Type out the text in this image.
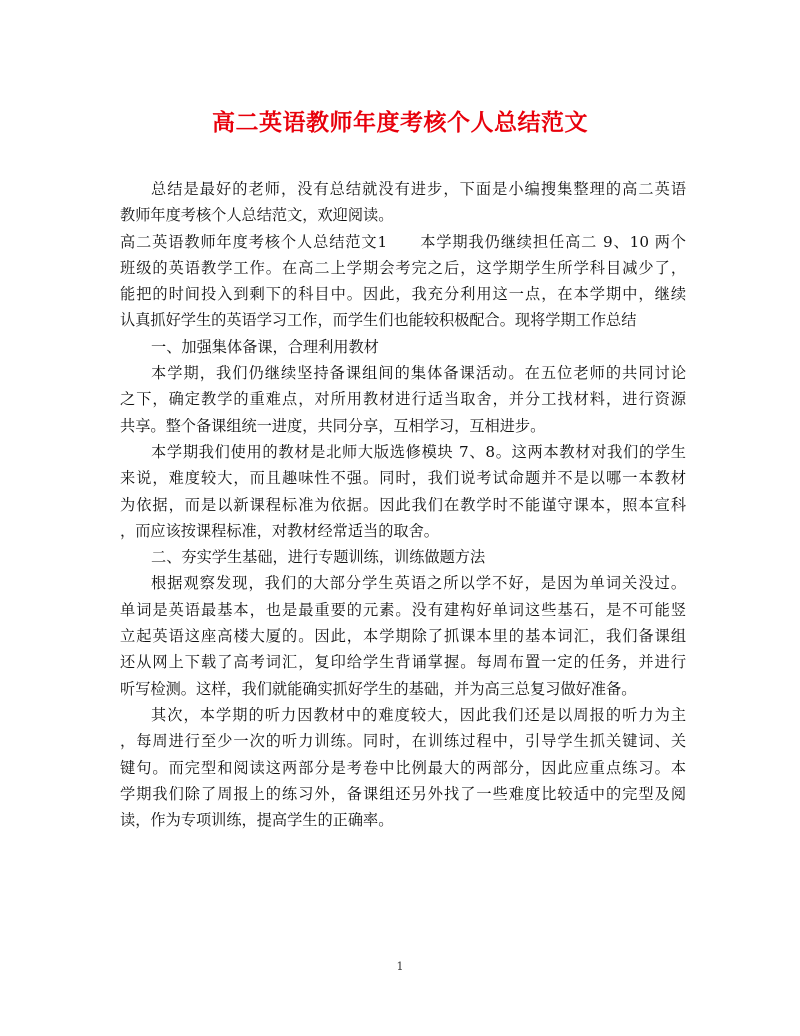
高二英语教师年度考核个人总结范文
总结是最好的老师，没有总结就没有进步，下面是小编搜集整理的高二英语
教师年度考核个人总结范文，欢迎阅读。
高二英语教师年度考核个人总结范文1　　本学期我仍继续担任高二 9、10 两个
班级的英语教学工作。在高二上学期会考完之后，这学期学生所学科目减少了，
能把的时间投入到剩下的科目中。因此，我充分利用这一点，在本学期中，继续
认真抓好学生的英语学习工作，而学生们也能较积极配合。现将学期工作总结
一、加强集体备课，合理利用教材
本学期，我们仍继续坚持备课组间的集体备课活动。在五位老师的共同讨论
之下，确定教学的重难点，对所用教材进行适当取舍，并分工找材料，进行资源
共享。整个备课组统一进度，共同分享，互相学习，互相进步。
本学期我们使用的教材是北师大版选修模块 7、8。这两本教材对我们的学生
来说，难度较大，而且趣味性不强。同时，我们说考试命题并不是以哪一本教材
为依据，而是以新课程标准为依据。因此我们在教学时不能谨守课本，照本宣科
，而应该按课程标准，对教材经常适当的取舍。
二、夯实学生基础，进行专题训练，训练做题方法
根据观察发现，我们的大部分学生英语之所以学不好，是因为单词关没过。
单词是英语最基本，也是最重要的元素。没有建构好单词这些基石，是不可能竖
立起英语这座高楼大厦的。因此，本学期除了抓课本里的基本词汇，我们备课组
还从网上下载了高考词汇，复印给学生背诵掌握。每周布置一定的任务，并进行
听写检测。这样，我们就能确实抓好学生的基础，并为高三总复习做好准备。
其次，本学期的听力因教材中的难度较大，因此我们还是以周报的听力为主
，每周进行至少一次的听力训练。同时，在训练过程中，引导学生抓关键词、关
键句。而完型和阅读这两部分是考卷中比例最大的两部分，因此应重点练习。本
学期我们除了周报上的练习外，备课组还另外找了一些难度比较适中的完型及阅
读，作为专项训练，提高学生的正确率。
1
